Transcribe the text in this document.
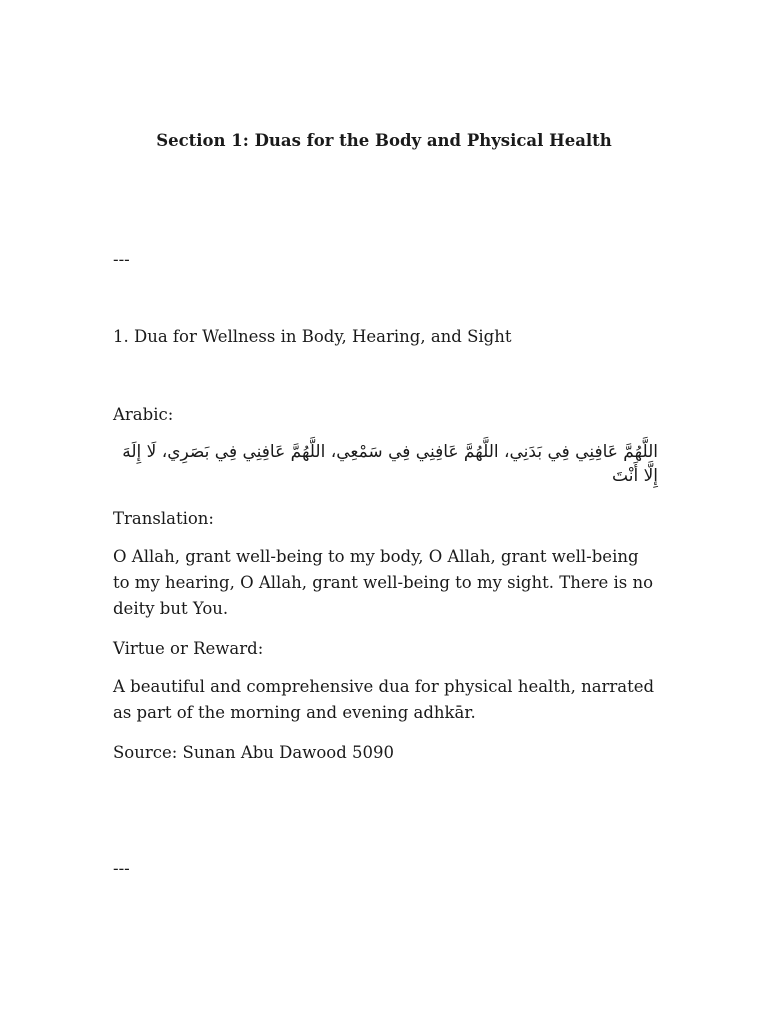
Section 1: Duas for the Body and Physical Health

---

1. Dua for Wellness in Body, Hearing, and Sight

Arabic:

اللَّهُمَّ عَافِنِي فِي بَدَنِي، اللَّهُمَّ عَافِنِي فِي سَمْعِي، اللَّهُمَّ عَافِنِي فِي بَصَرِي، لَا إِلَهَ إِلَّا أَنْتَ

Translation:

O Allah, grant well-being to my body, O Allah, grant well-being to my hearing, O Allah, grant well-being to my sight. There is no deity but You.

Virtue or Reward:

A beautiful and comprehensive dua for physical health, narrated as part of the morning and evening adhkār.

Source: Sunan Abu Dawood 5090

---
